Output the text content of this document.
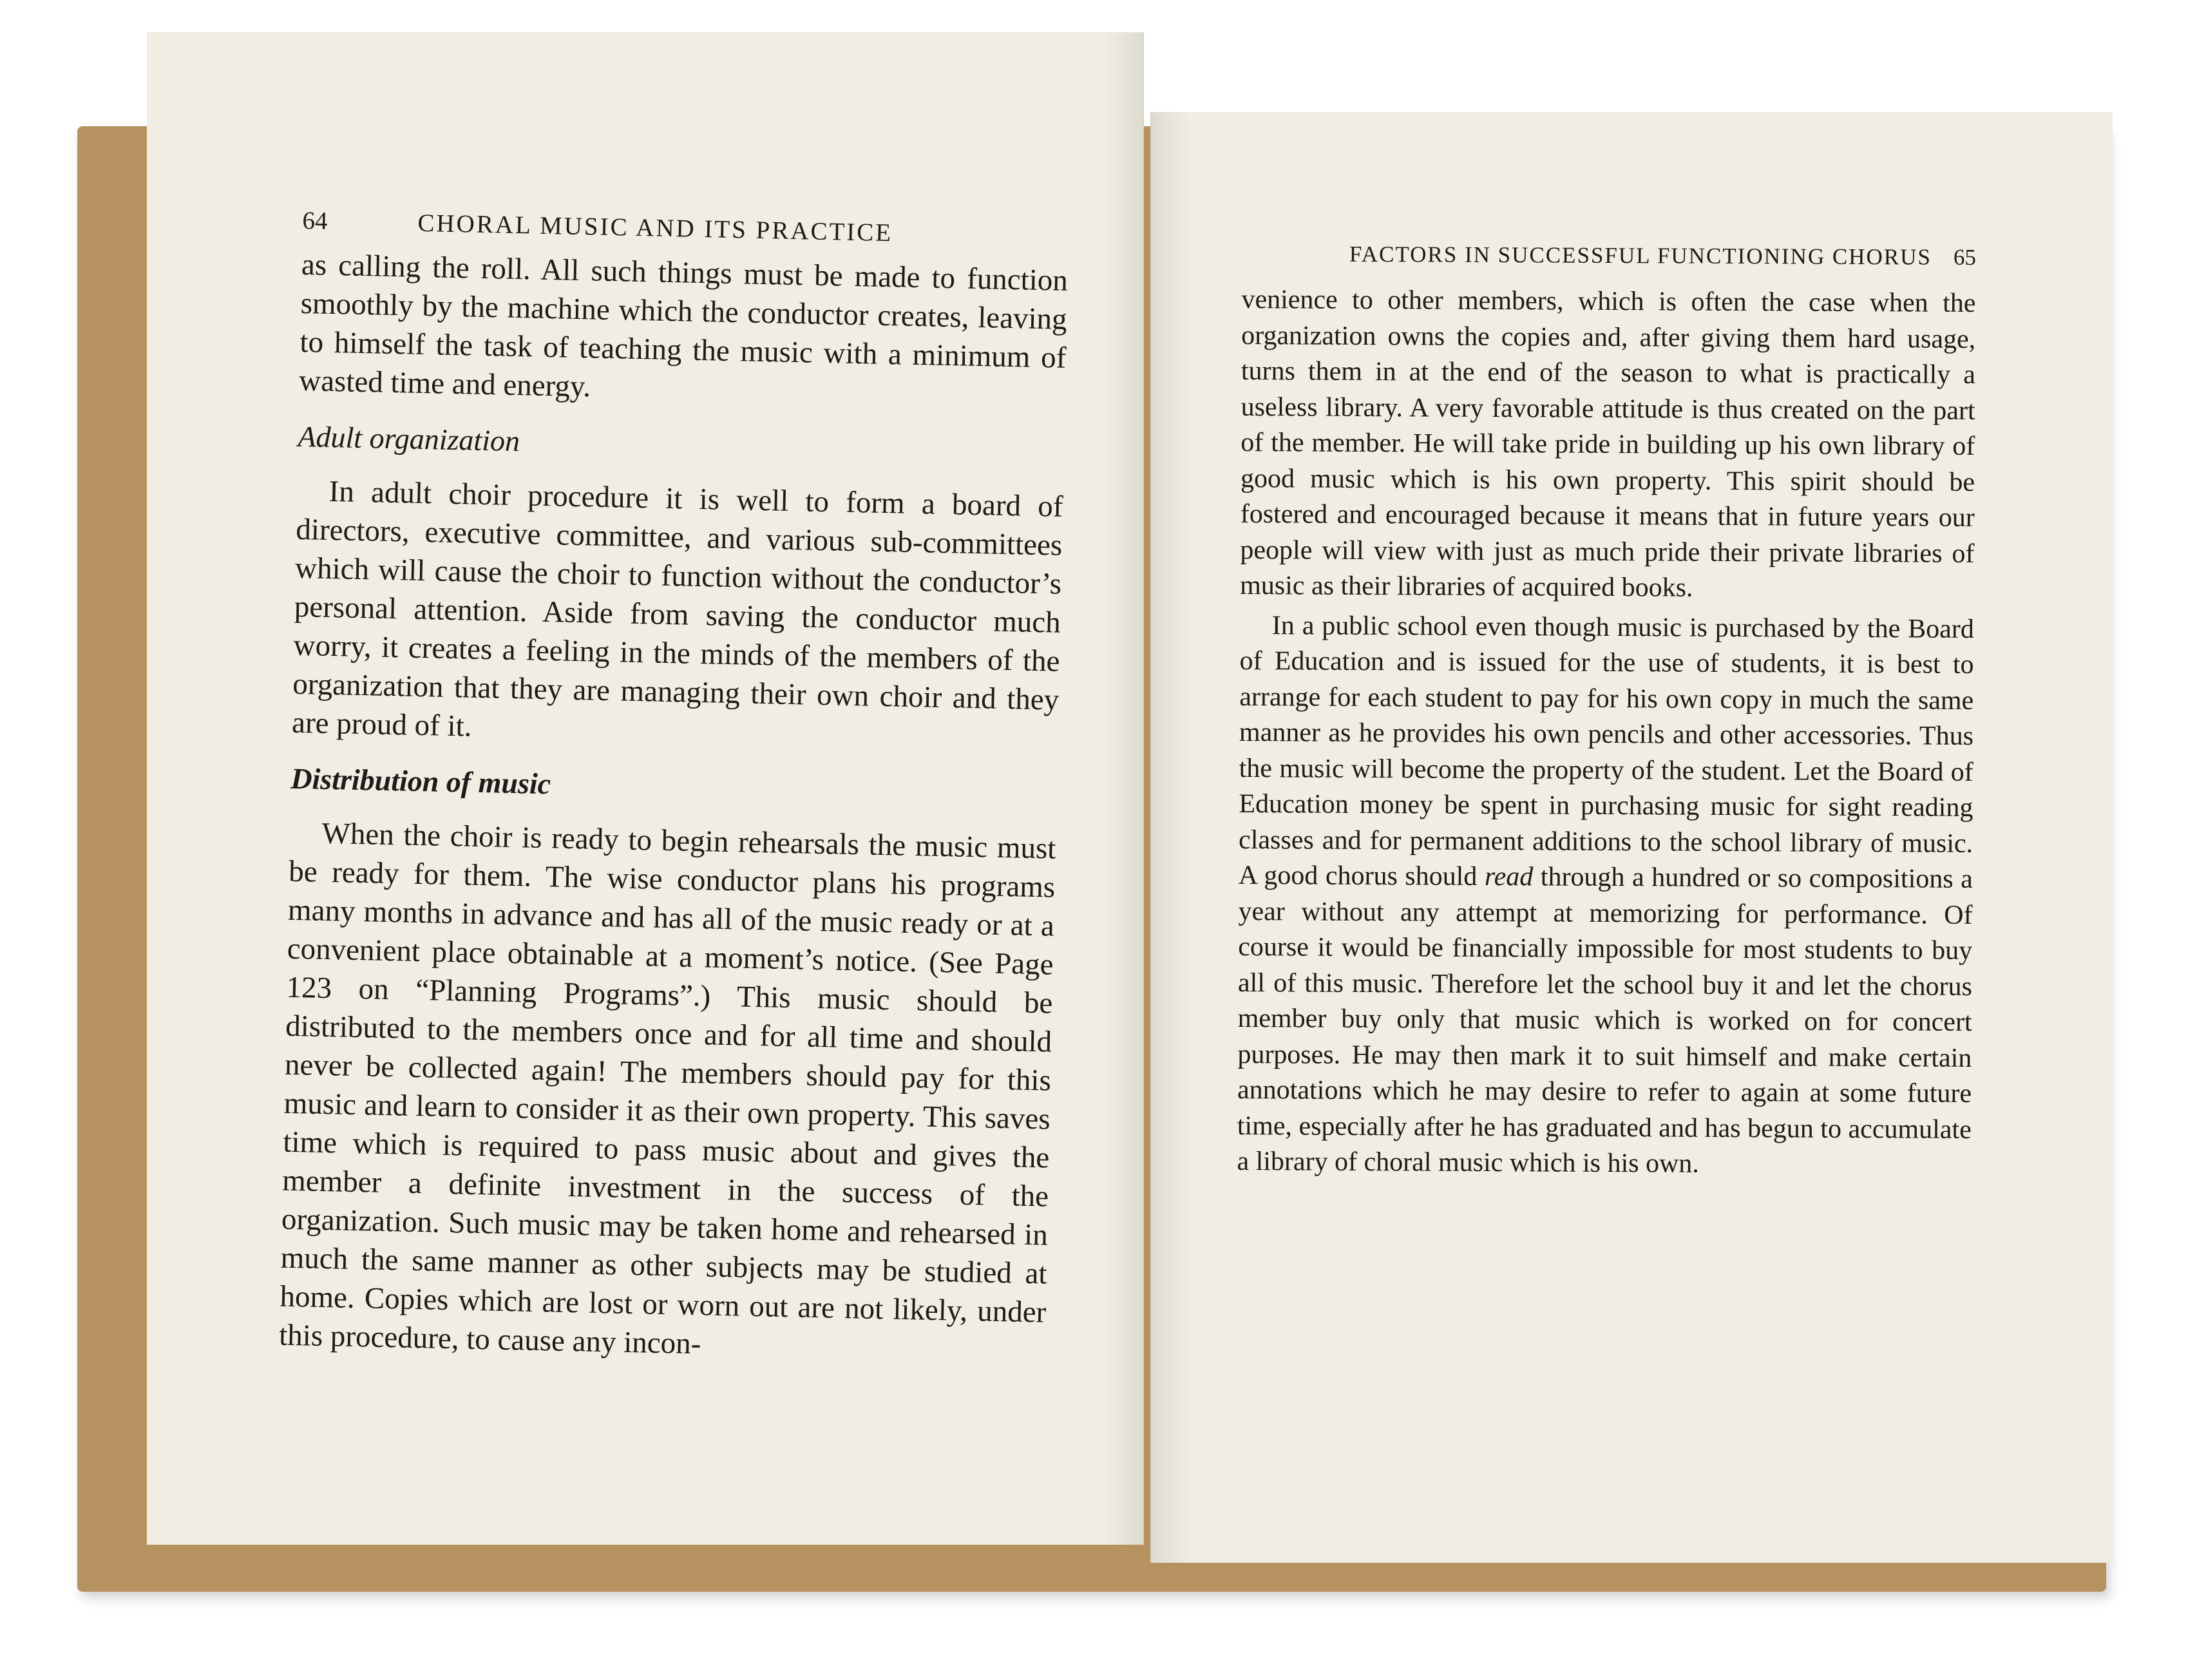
64	CHORAL MUSIC AND ITS PRACTICE

as calling the roll. All such things must be made to function smoothly by the machine which the conductor creates, leaving to himself the task of teaching the music with a minimum of wasted time and energy.

Adult organization

In adult choir procedure it is well to form a board of directors, executive committee, and various sub-committees which will cause the choir to function without the conductor’s personal attention. Aside from saving the conductor much worry, it creates a feeling in the minds of the members of the organization that they are managing their own choir and they are proud of it.

Distribution of music

When the choir is ready to begin rehearsals the music must be ready for them. The wise conductor plans his programs many months in advance and has all of the music ready or at a convenient place obtainable at a moment’s notice. (See Page 123 on “Planning Programs”.) This music should be distributed to the members once and for all time and should never be collected again! The members should pay for this music and learn to consider it as their own property. This saves time which is required to pass music about and gives the member a definite investment in the success of the organization. Such music may be taken home and rehearsed in much the same manner as other subjects may be studied at home. Copies which are lost or worn out are not likely, under this procedure, to cause any incon-

FACTORS IN SUCCESSFUL FUNCTIONING CHORUS 65

venience to other members, which is often the case when the organization owns the copies and, after giving them hard usage, turns them in at the end of the season to what is practically a useless library. A very favorable attitude is thus created on the part of the member. He will take pride in building up his own library of good music which is his own property. This spirit should be fostered and encouraged because it means that in future years our people will view with just as much pride their private libraries of music as their libraries of acquired books.

In a public school even though music is purchased by the Board of Education and is issued for the use of students, it is best to arrange for each student to pay for his own copy in much the same manner as he provides his own pencils and other accessories. Thus the music will become the property of the student. Let the Board of Education money be spent in purchasing music for sight reading classes and for permanent additions to the school library of music. A good chorus should read through a hundred or so compositions a year without any attempt at memorizing for performance. Of course it would be financially impossible for most students to buy all of this music. Therefore let the school buy it and let the chorus member buy only that music which is worked on for concert purposes. He may then mark it to suit himself and make certain annotations which he may desire to refer to again at some future time, especially after he has graduated and has begun to accumulate a library of choral music which is his own.
